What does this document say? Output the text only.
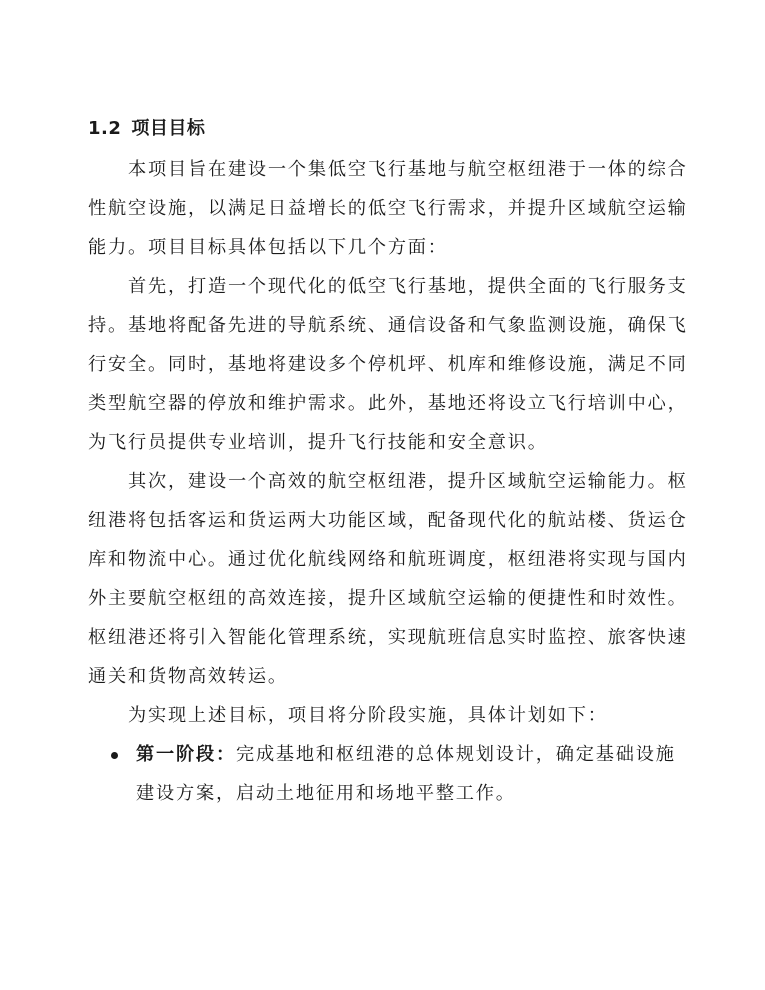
1.2 项目目标

本项目旨在建设一个集低空飞行基地与航空枢纽港于一体的综合性航空设施，以满足日益增长的低空飞行需求，并提升区域航空运输能力。项目目标具体包括以下几个方面：

首先，打造一个现代化的低空飞行基地，提供全面的飞行服务支持。基地将配备先进的导航系统、通信设备和气象监测设施，确保飞行安全。同时，基地将建设多个停机坪、机库和维修设施，满足不同类型航空器的停放和维护需求。此外，基地还将设立飞行培训中心，为飞行员提供专业培训，提升飞行技能和安全意识。

其次，建设一个高效的航空枢纽港，提升区域航空运输能力。枢纽港将包括客运和货运两大功能区域，配备现代化的航站楼、货运仓库和物流中心。通过优化航线网络和航班调度，枢纽港将实现与国内外主要航空枢纽的高效连接，提升区域航空运输的便捷性和时效性。枢纽港还将引入智能化管理系统，实现航班信息实时监控、旅客快速通关和货物高效转运。

为实现上述目标，项目将分阶段实施，具体计划如下：

第一阶段：完成基地和枢纽港的总体规划设计，确定基础设施建设方案，启动土地征用和场地平整工作。
